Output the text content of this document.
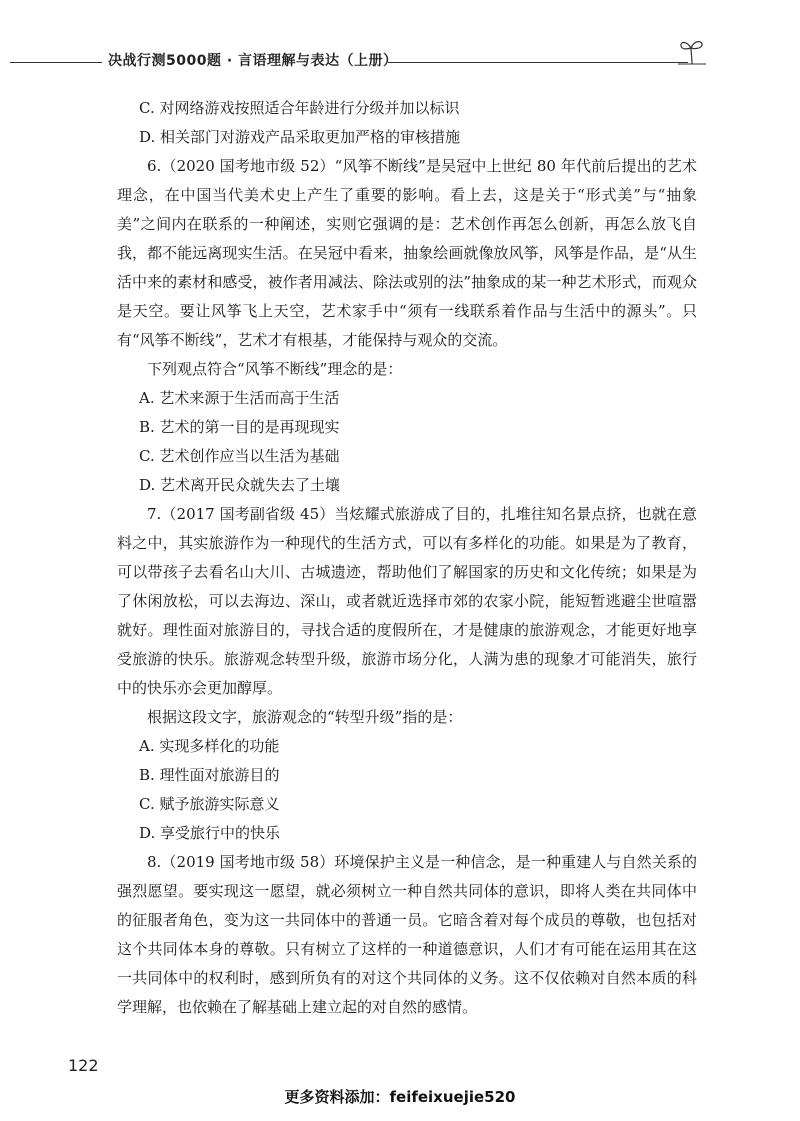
决战行测5000题 · 言语理解与表达（上册）

C. 对网络游戏按照适合年龄进行分级并加以标识

D. 相关部门对游戏产品采取更加严格的审核措施

6.（2020 国考地市级 52）“风筝不断线”是吴冠中上世纪 80 年代前后提出的艺术理念，在中国当代美术史上产生了重要的影响。看上去，这是关于“形式美”与“抽象美”之间内在联系的一种阐述，实则它强调的是：艺术创作再怎么创新，再怎么放飞自我，都不能远离现实生活。在吴冠中看来，抽象绘画就像放风筝，风筝是作品，是“从生活中来的素材和感受，被作者用减法、除法或别的法”抽象成的某一种艺术形式，而观众是天空。要让风筝飞上天空，艺术家手中“须有一线联系着作品与生活中的源头”。只有“风筝不断线”，艺术才有根基，才能保持与观众的交流。

下列观点符合“风筝不断线”理念的是：

A. 艺术来源于生活而高于生活

B. 艺术的第一目的是再现现实

C. 艺术创作应当以生活为基础

D. 艺术离开民众就失去了土壤

7.（2017 国考副省级 45）当炫耀式旅游成了目的，扎堆往知名景点挤，也就在意料之中，其实旅游作为一种现代的生活方式，可以有多样化的功能。如果是为了教育，可以带孩子去看名山大川、古城遗迹，帮助他们了解国家的历史和文化传统；如果是为了休闲放松，可以去海边、深山，或者就近选择市郊的农家小院，能短暂逃避尘世喧嚣就好。理性面对旅游目的，寻找合适的度假所在，才是健康的旅游观念，才能更好地享受旅游的快乐。旅游观念转型升级，旅游市场分化，人满为患的现象才可能消失，旅行中的快乐亦会更加醇厚。

根据这段文字，旅游观念的“转型升级”指的是：

A. 实现多样化的功能

B. 理性面对旅游目的

C. 赋予旅游实际意义

D. 享受旅行中的快乐

8.（2019 国考地市级 58）环境保护主义是一种信念，是一种重建人与自然关系的强烈愿望。要实现这一愿望，就必须树立一种自然共同体的意识，即将人类在共同体中的征服者角色，变为这一共同体中的普通一员。它暗含着对每个成员的尊敬，也包括对这个共同体本身的尊敬。只有树立了这样的一种道德意识，人们才有可能在运用其在这一共同体中的权利时，感到所负有的对这个共同体的义务。这不仅依赖对自然本质的科学理解，也依赖在了解基础上建立起的对自然的感情。

122
更多资料添加：feifeixuejie520
